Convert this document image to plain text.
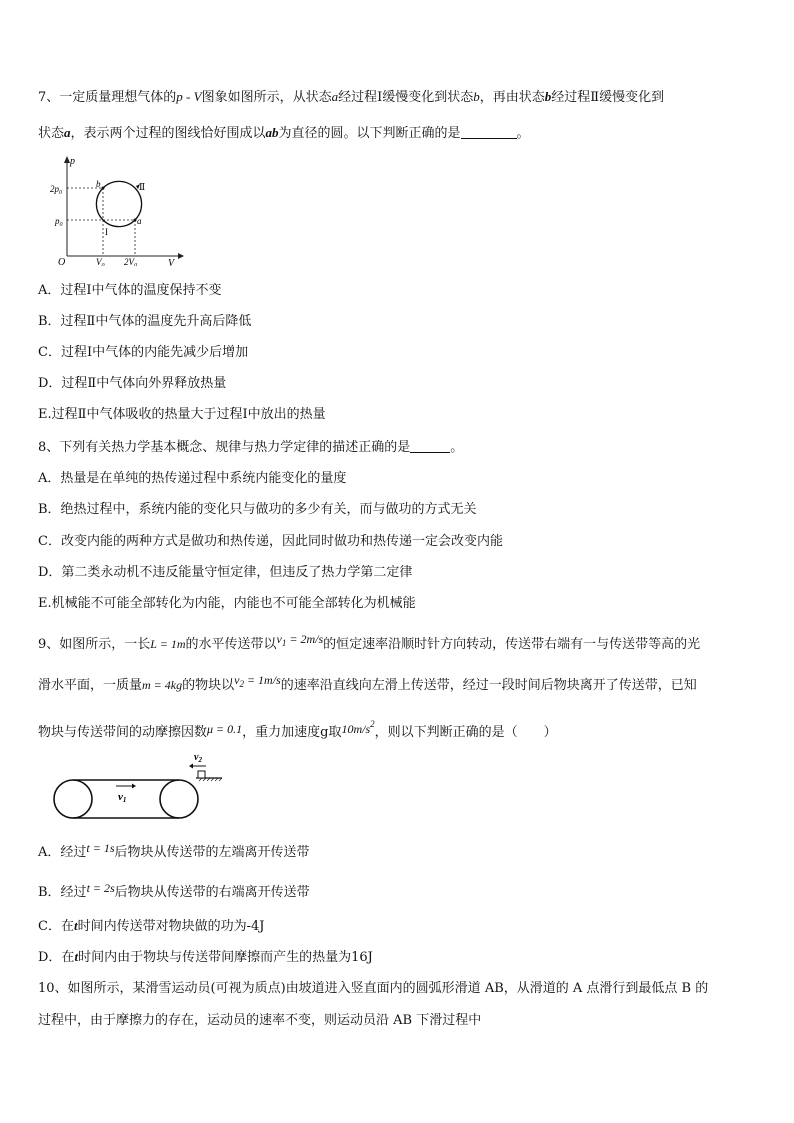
7、一定质量理想气体的p - V图象如图所示，从状态a经过程Ⅰ缓慢变化到状态b，再由状态b经过程Ⅱ缓慢变化到
状态a，表示两个过程的图线恰好围成以ab为直径的圆。以下判断正确的是	。
p
V
O
$2p_0$
$p_0$
$V_0$ $2V_0$
b
a
I
Ⅱ
A．过程Ⅰ中气体的温度保持不变
B．过程Ⅱ中气体的温度先升高后降低
C．过程Ⅰ中气体的内能先减少后增加
D．过程Ⅱ中气体向外界释放热量
E.过程Ⅱ中气体吸收的热量大于过程Ⅰ中放出的热量
8、下列有关热力学基本概念、规律与热力学定律的描述正确的是	。
A．热量是在单纯的热传递过程中系统内能变化的量度
B．绝热过程中，系统内能的变化只与做功的多少有关，而与做功的方式无关
C．改变内能的两种方式是做功和热传递，因此同时做功和热传递一定会改变内能
D．第二类永动机不违反能量守恒定律，但违反了热力学第二定律
E.机械能不可能全部转化为内能，内能也不可能全部转化为机械能
9、如图所示，一长L = 1m的水平传送带以$v_1 = 2m/s$的恒定速率沿顺时针方向转动，传送带右端有一与传送带等高的光
滑水平面，一质量m = 4kg的物块以$v_2 = 1m/s$的速率沿直线向左滑上传送带，经过一段时间后物块离开了传送带，已知
物块与传送带间的动摩擦因数μ = 0.1，重力加速度g取$10m/s^2$，则以下判断正确的是（　　）
$v_2$
v1
A．经过t = 1s后物块从传送带的左端离开传送带
B．经过t = 2s后物块从传送带的右端离开传送带
C．在t时间内传送带对物块做的功为-4J
D．在t时间内由于物块与传送带间摩擦而产生的热量为16J
10、如图所示，某滑雪运动员(可视为质点)由坡道进入竖直面内的圆弧形滑道 AB，从滑道的 A 点滑行到最低点 B 的
过程中，由于摩擦力的存在，运动员的速率不变，则运动员沿 AB 下滑过程中
